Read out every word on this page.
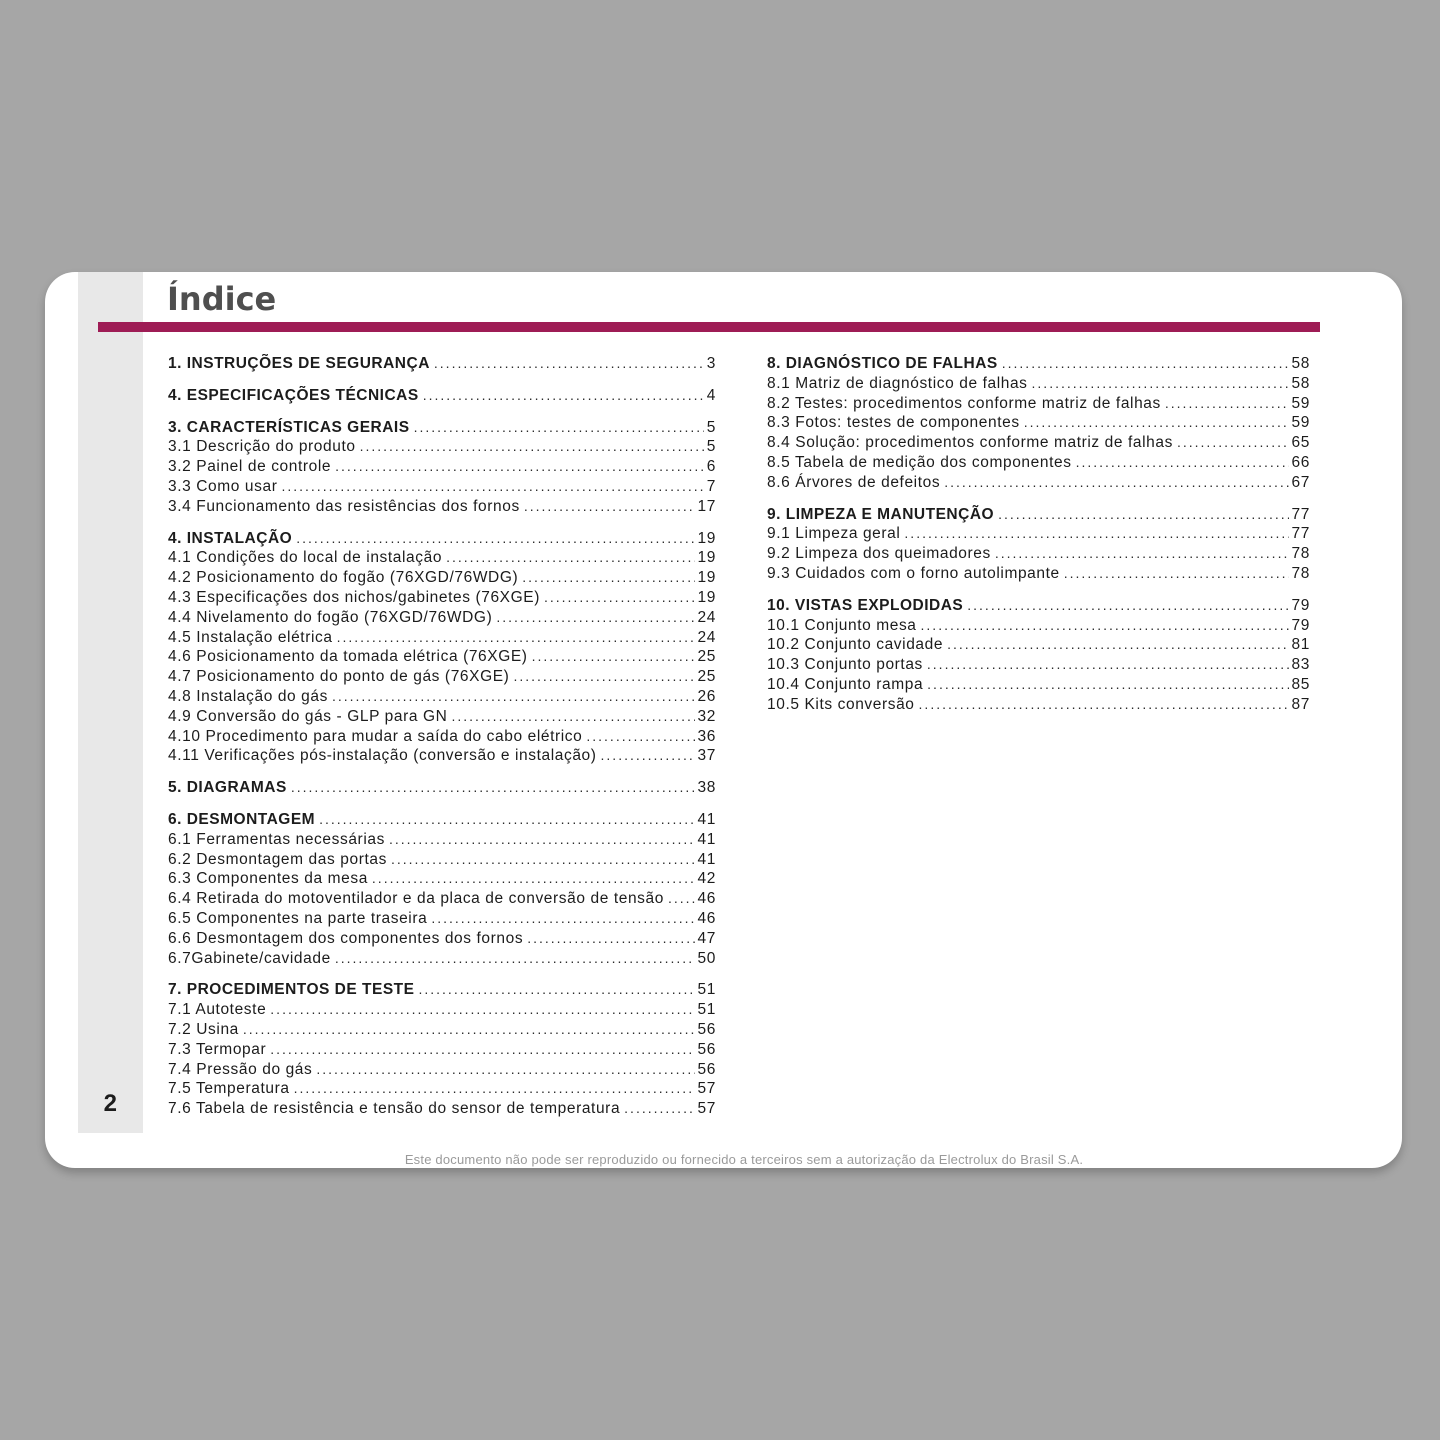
2
Índice
1. INSTRUÇÕES DE SEGURANÇA .....	3
4. ESPECIFICAÇÕES TÉCNICAS .....	4
3. CARACTERÍSTICAS GERAIS .....	5
3.1 Descrição do produto .....	5
3.2 Painel de controle .....	6
3.3 Como usar .....	7
3.4 Funcionamento das resistências dos fornos .....	17
4. INSTALAÇÃO .....	19
4.1 Condições do local de instalação .....	19
4.2 Posicionamento do fogão (76XGD/76WDG) .....	19
4.3 Especificações dos nichos/gabinetes (76XGE) .....	19
4.4 Nivelamento do fogão (76XGD/76WDG) .....	24
4.5 Instalação elétrica .....	24
4.6 Posicionamento da tomada elétrica (76XGE) .....	25
4.7 Posicionamento do ponto de gás (76XGE) .....	25
4.8 Instalação do gás .....	26
4.9 Conversão do gás - GLP para GN .....	32
4.10 Procedimento para mudar a saída do cabo elétrico .....	36
4.11 Verificações pós-instalação (conversão e instalação) .....	37
5. DIAGRAMAS .....	38
6. DESMONTAGEM .....	41
6.1 Ferramentas necessárias .....	41
6.2 Desmontagem das portas .....	41
6.3 Componentes da mesa .....	42
6.4 Retirada do motoventilador e da placa de conversão de tensão ..... 46
6.5 Componentes na parte traseira .....	46
6.6 Desmontagem dos componentes dos fornos .....	47
6.7Gabinete/cavidade .....	50
7. PROCEDIMENTOS DE TESTE .....	51
7.1 Autoteste .....	51
7.2 Usina .....	56
7.3 Termopar .....	56
7.4 Pressão do gás .....	56
7.5 Temperatura .....	57
7.6 Tabela de resistência e tensão do sensor de temperatura .....	57
8. DIAGNÓSTICO DE FALHAS .....	58
8.1 Matriz de diagnóstico de falhas .....	58
8.2 Testes: procedimentos conforme matriz de falhas .....	59
8.3 Fotos: testes de componentes .....	59
8.4 Solução: procedimentos conforme matriz de falhas .....	65
8.5 Tabela de medição dos componentes .....	66
8.6 Árvores de defeitos .....	67
9. LIMPEZA E MANUTENÇÃO .....	77
9.1 Limpeza geral .....	77
9.2 Limpeza dos queimadores .....	78
9.3 Cuidados com o forno autolimpante .....	78
10. VISTAS EXPLODIDAS .....	79
10.1 Conjunto mesa .....	79
10.2 Conjunto cavidade .....	81
10.3 Conjunto portas .....	83
10.4 Conjunto rampa .....	85
10.5 Kits conversão .....	87
Este documento não pode ser reproduzido ou fornecido a terceiros sem a autorização da Electrolux do Brasil S.A.
